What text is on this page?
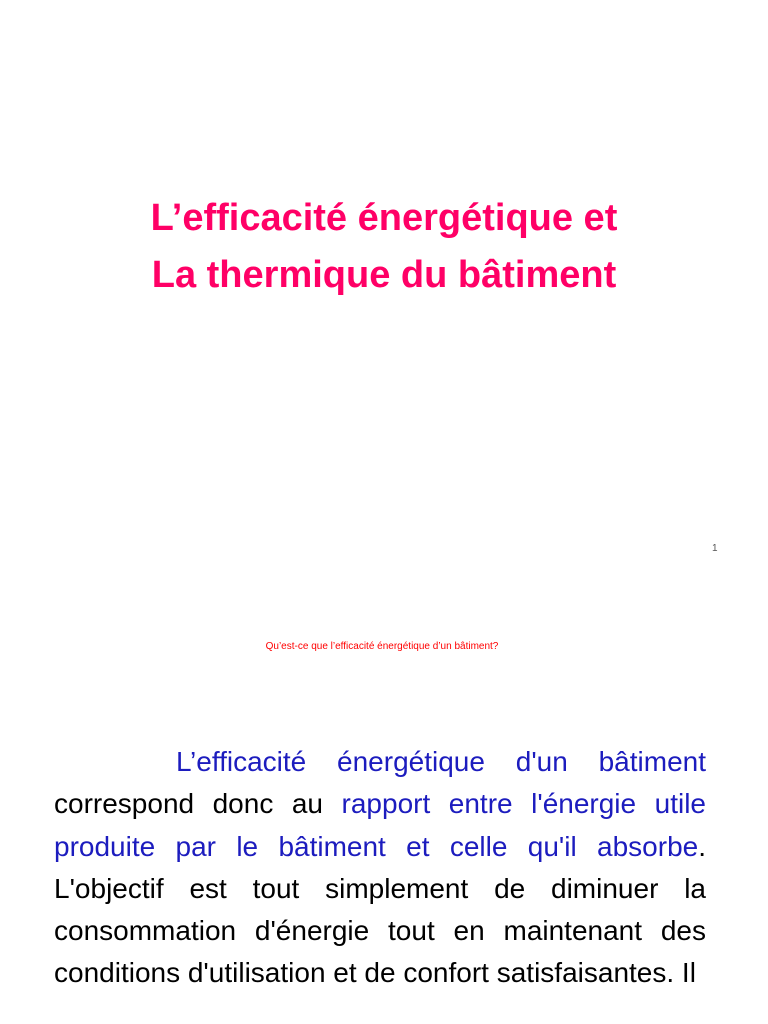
L’efficacité énergétique et
La thermique du bâtiment
1
Qu’est-ce que l’efficacité énergétique d’un bâtiment?

L’efficacité énergétique d'un bâtiment correspond donc au rapport entre l'énergie utile produite par le bâtiment et celle qu'il absorbe. L'objectif est tout simplement de diminuer la consommation d'énergie tout en maintenant des conditions d'utilisation et de confort satisfaisantes. Il
